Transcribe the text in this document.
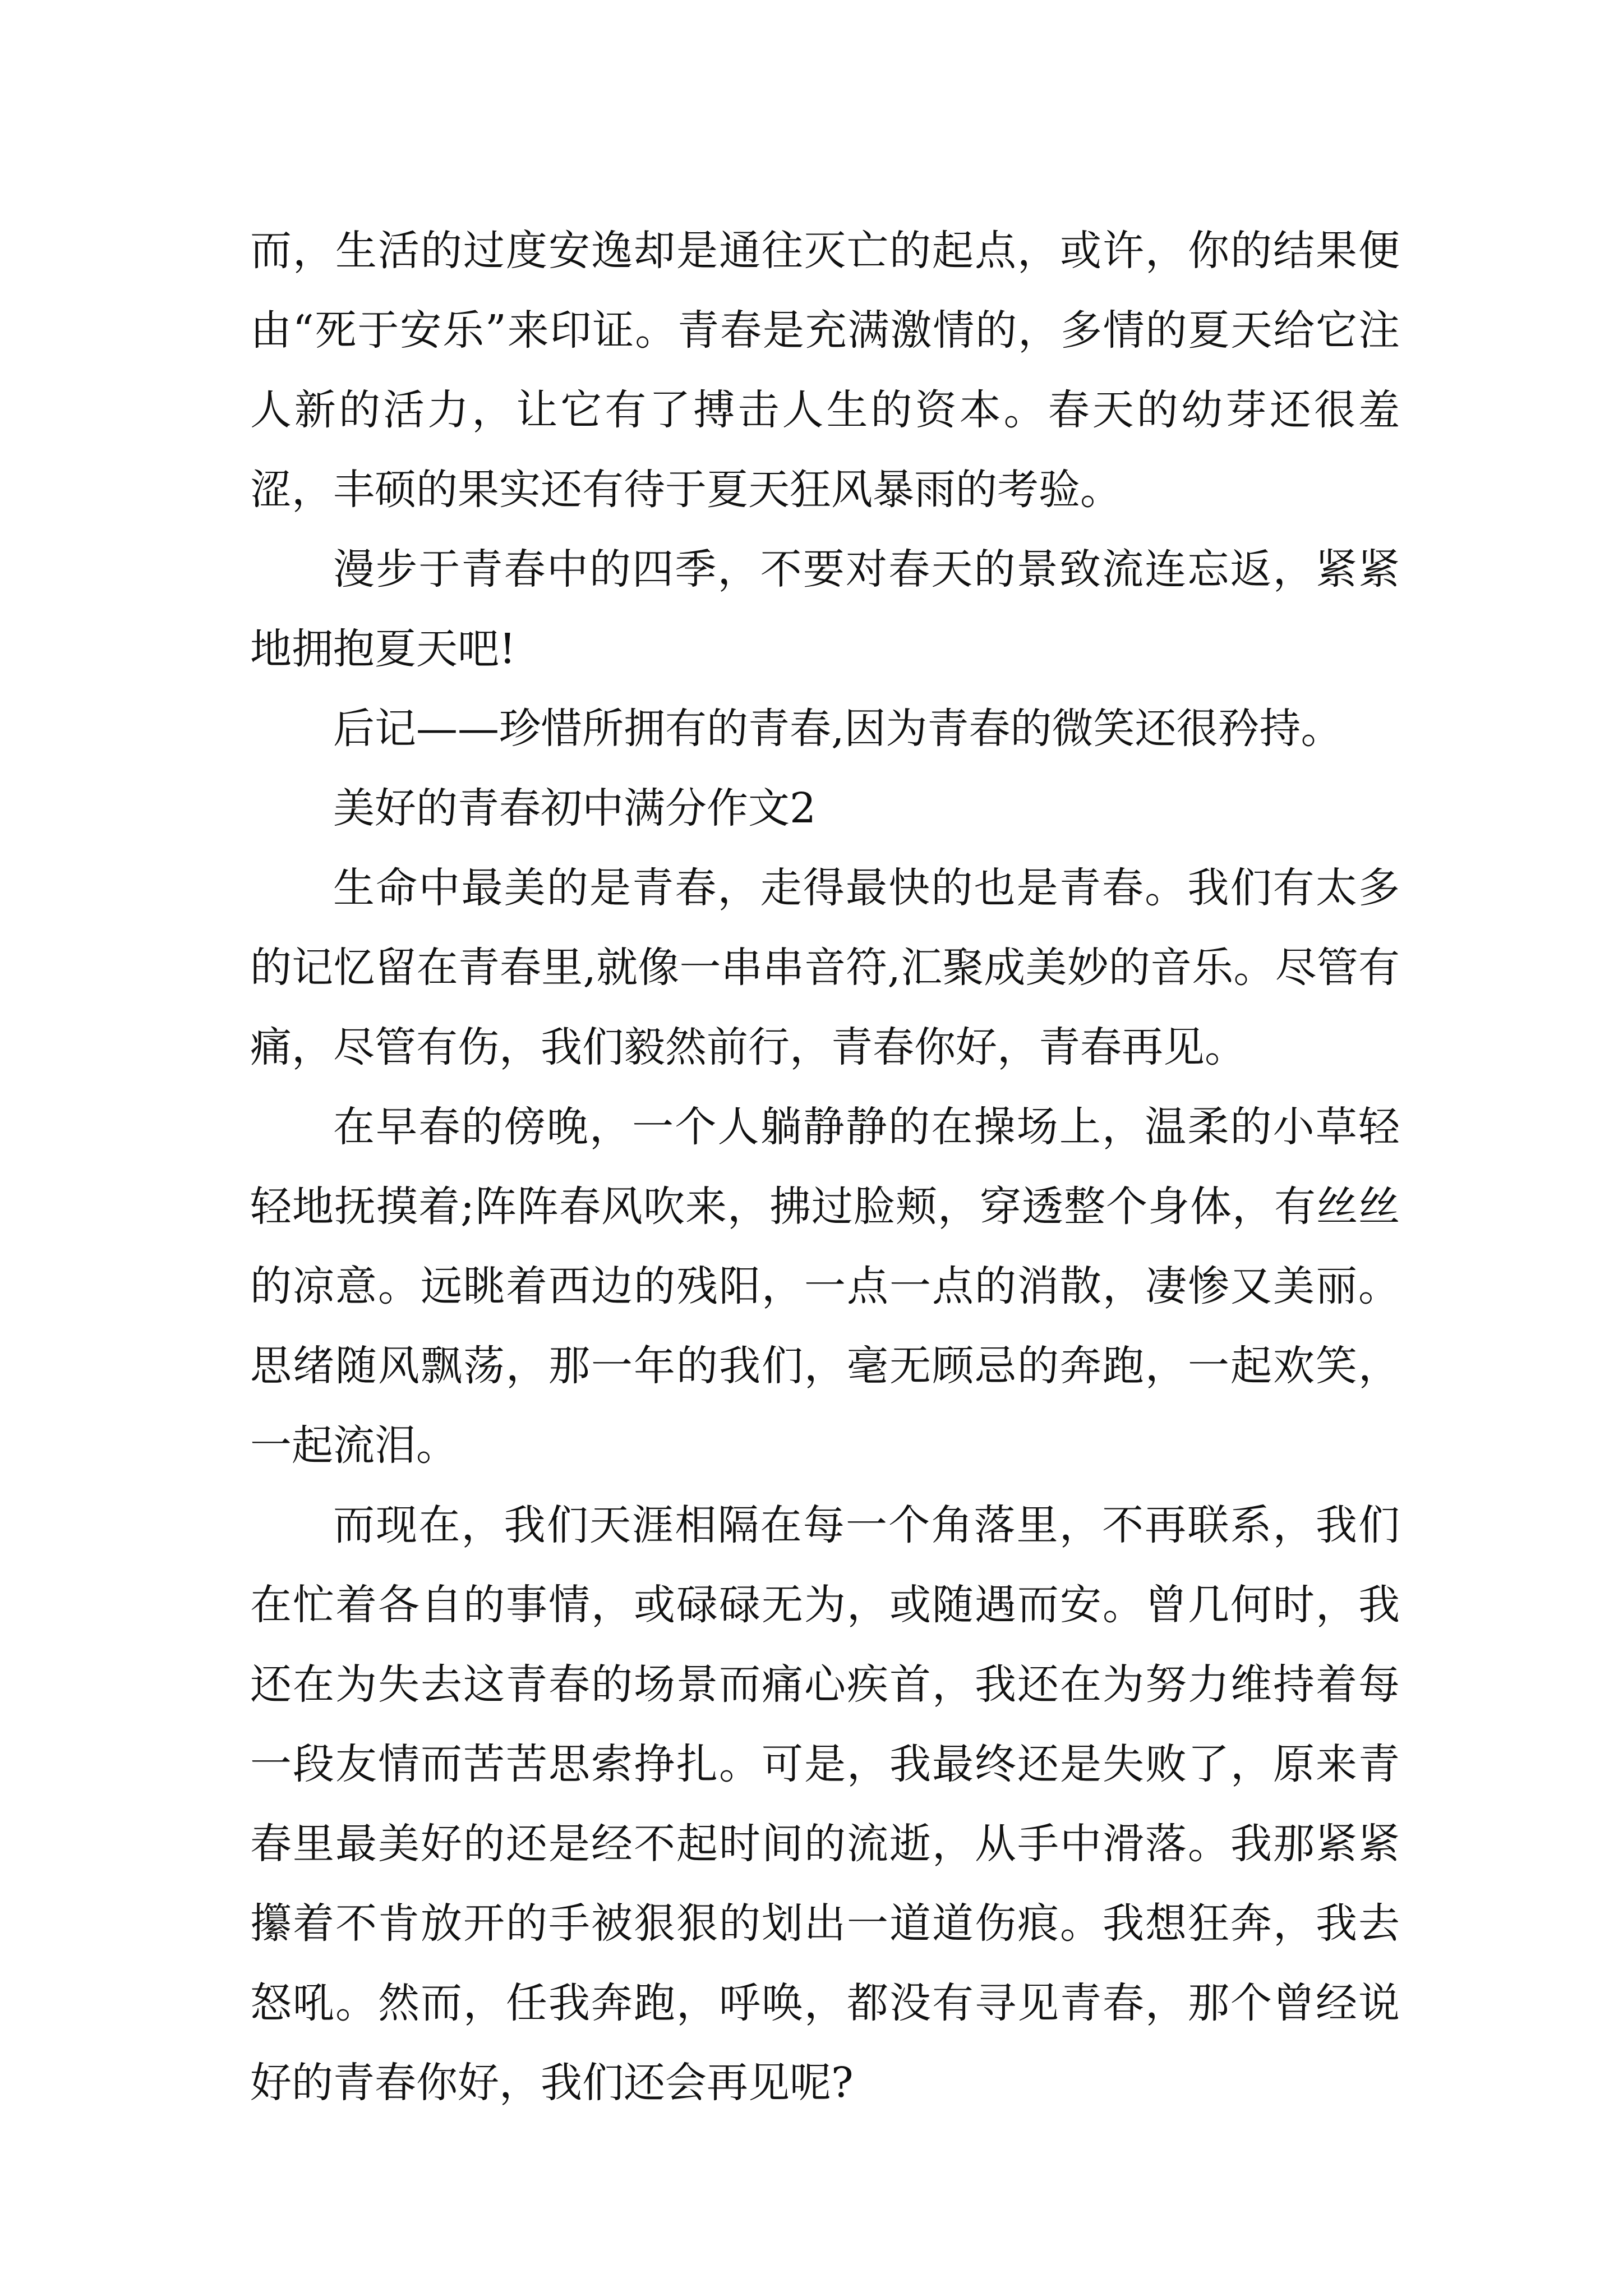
而，生活的过度安逸却是通往灭亡的起点，或许，你的结果便由“死于安乐”来印证。青春是充满激情的，多情的夏天给它注人新的活力，让它有了搏击人生的资本。春天的幼芽还很羞涩，丰硕的果实还有待于夏天狂风暴雨的考验。

漫步于青春中的四季，不要对春天的景致流连忘返，紧紧地拥抱夏天吧!

后记——珍惜所拥有的青春,因为青春的微笑还很矜持。

美好的青春初中满分作文2

生命中最美的是青春，走得最快的也是青春。我们有太多的记忆留在青春里,就像一串串音符,汇聚成美妙的音乐。尽管有痛，尽管有伤，我们毅然前行，青春你好，青春再见。

在早春的傍晚，一个人躺静静的在操场上，温柔的小草轻轻地抚摸着;阵阵春风吹来，拂过脸颊，穿透整个身体，有丝丝的凉意。远眺着西边的残阳，一点一点的消散，凄惨又美丽。思绪随风飘荡，那一年的我们，毫无顾忌的奔跑，一起欢笑，一起流泪。

而现在，我们天涯相隔在每一个角落里，不再联系，我们在忙着各自的事情，或碌碌无为，或随遇而安。曾几何时，我还在为失去这青春的场景而痛心疾首，我还在为努力维持着每一段友情而苦苦思索挣扎。可是，我最终还是失败了，原来青春里最美好的还是经不起时间的流逝，从手中滑落。我那紧紧攥着不肯放开的手被狠狠的划出一道道伤痕。我想狂奔，我去怒吼。然而，任我奔跑，呼唤，都没有寻见青春，那个曾经说好的青春你好，我们还会再见呢?
